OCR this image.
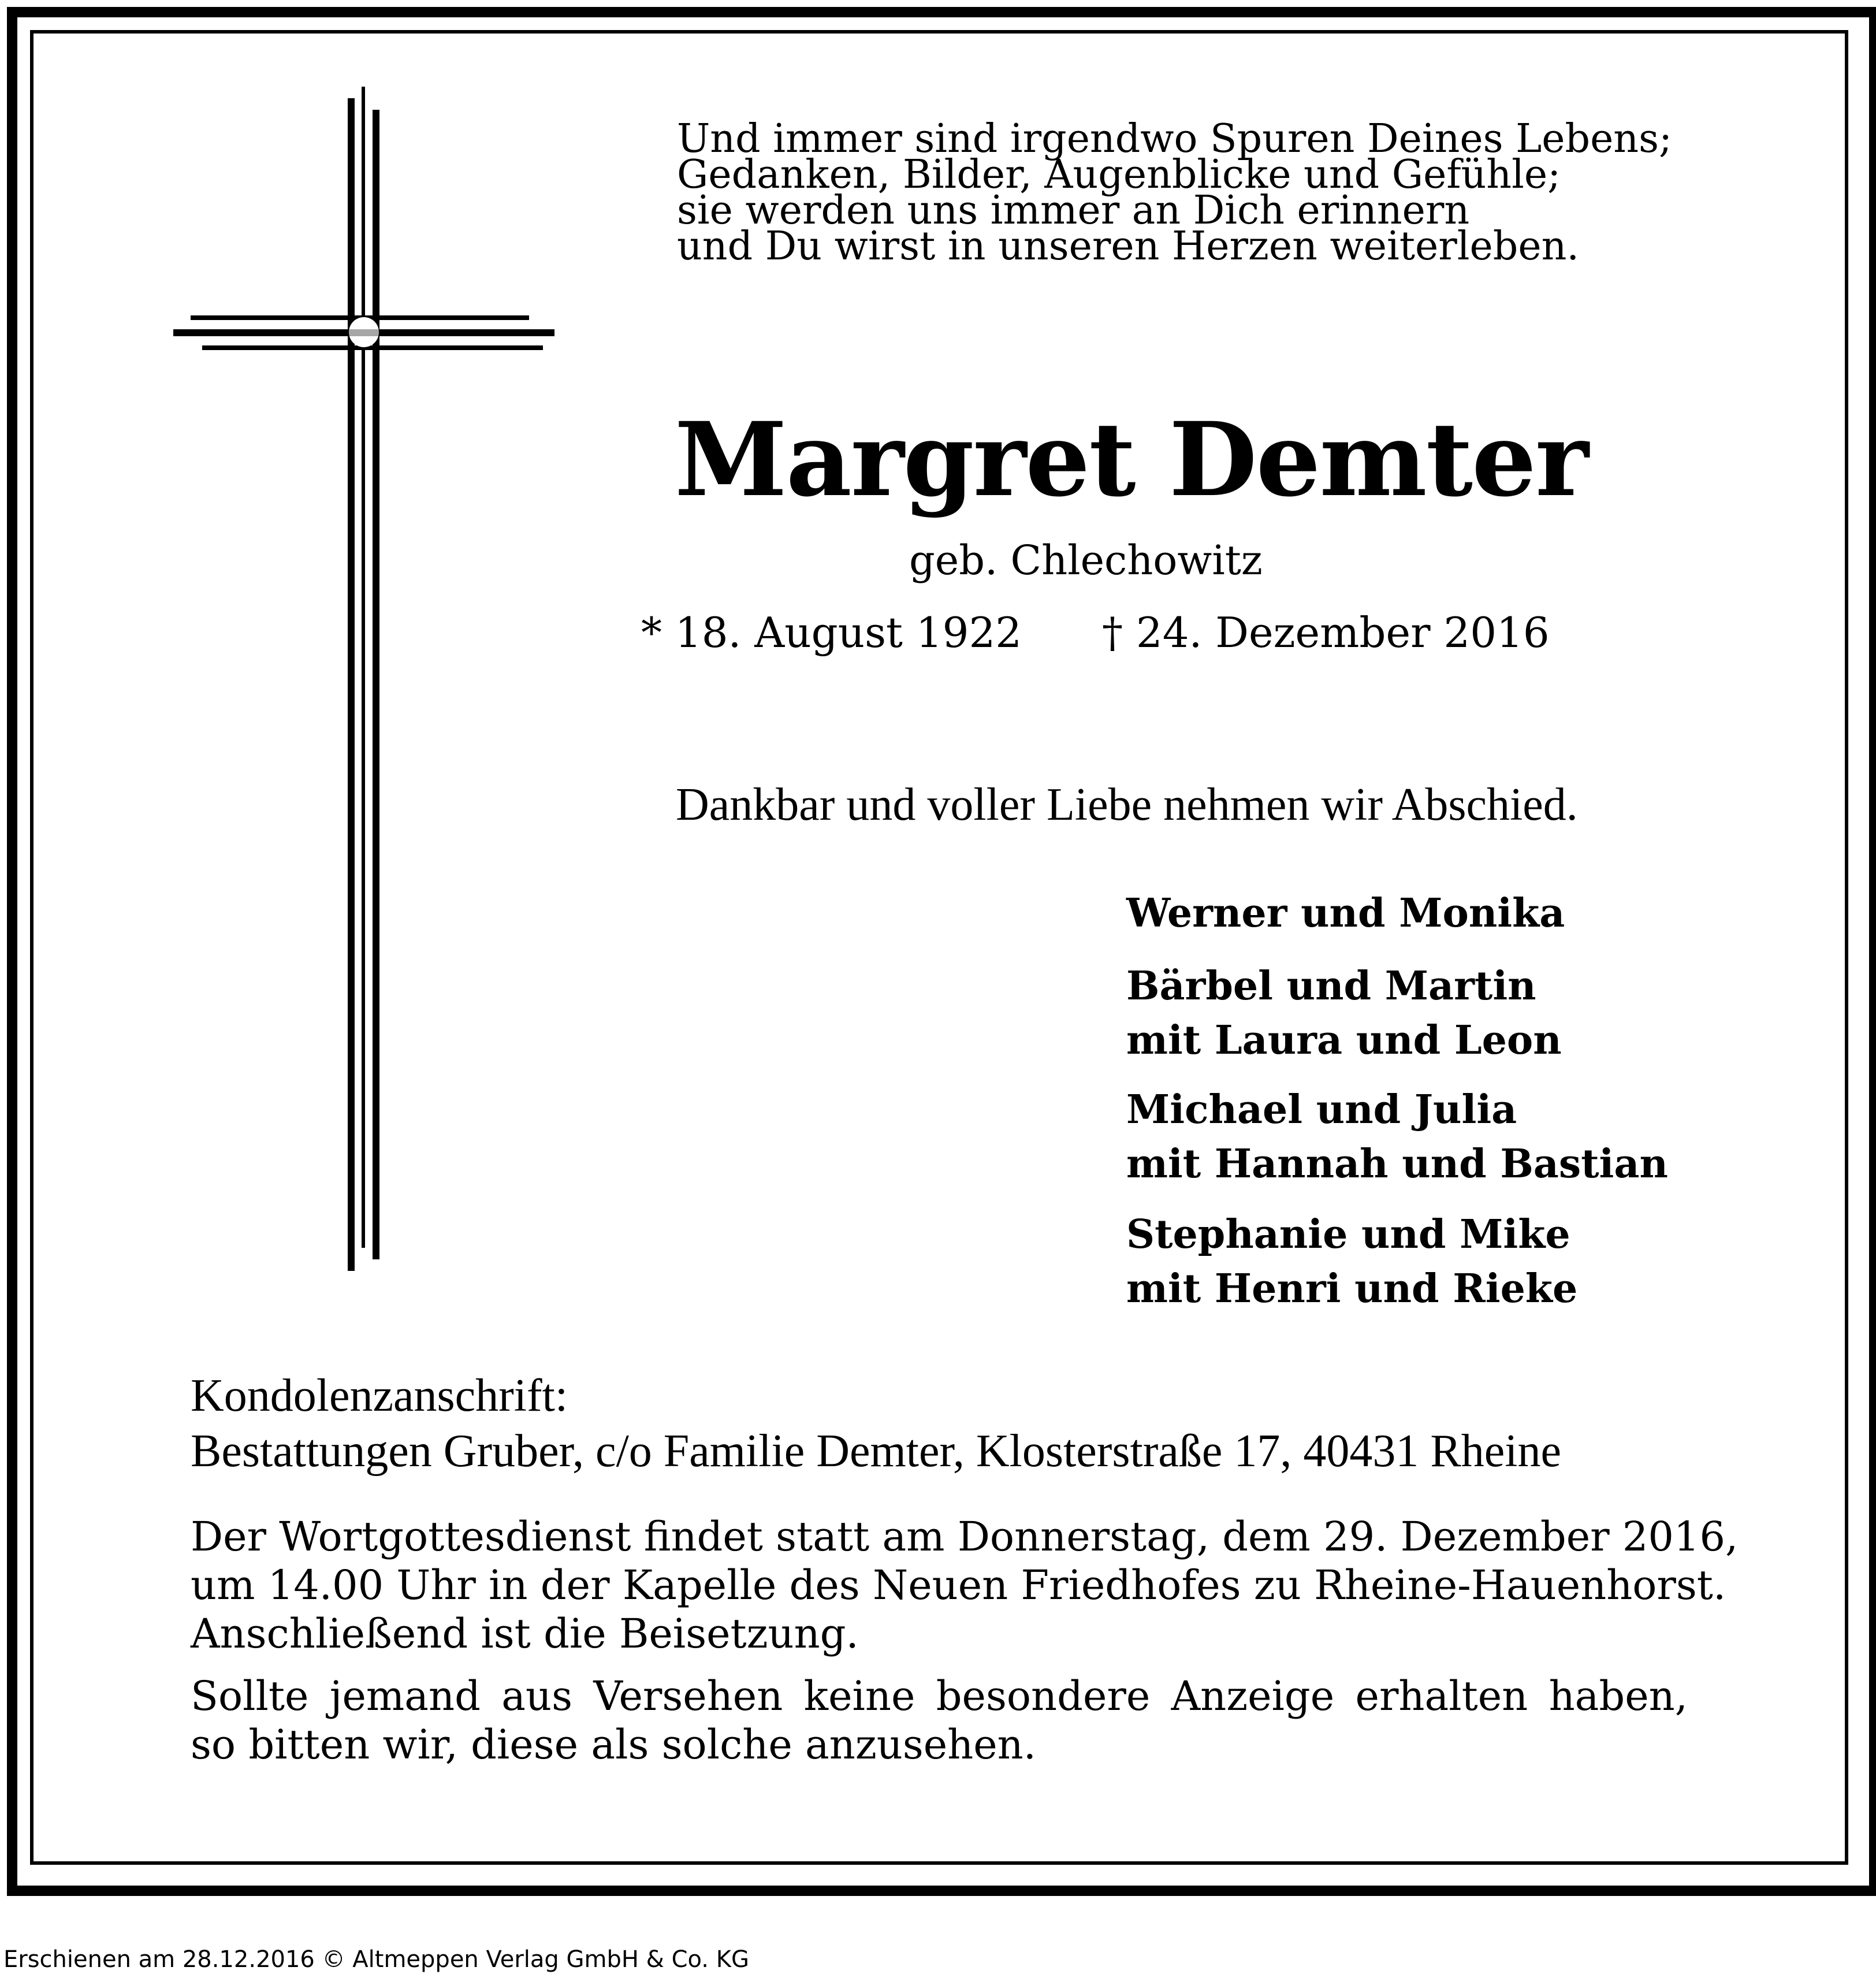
Und immer sind irgendwo Spuren Deines Lebens;
Gedanken, Bilder, Augenblicke und Gefühle;
sie werden uns immer an Dich erinnern
und Du wirst in unseren Herzen weiterleben.
Margret Demter
geb. Chlechowitz
* 18. August 1922 † 24. Dezember 2016
Dankbar und voller Liebe nehmen wir Abschied.
Werner und Monika
Bärbel und Martin
mit Laura und Leon
Michael und Julia
mit Hannah und Bastian
Stephanie und Mike
mit Henri und Rieke
Kondolenzanschrift:
Bestattungen Gruber, c/o Familie Demter, Klosterstraße 17, 40431 Rheine
Der Wortgottesdienst findet statt am Donnerstag, dem 29. Dezember 2016,
um 14.00 Uhr in der Kapelle des Neuen Friedhofes zu Rheine-Hauenhorst.
Anschließend ist die Beisetzung.
Sollte jemand aus Versehen keine besondere Anzeige erhalten haben,
so bitten wir, diese als solche anzusehen.
Erschienen am 28.12.2016 © Altmeppen Verlag GmbH & Co. KG
